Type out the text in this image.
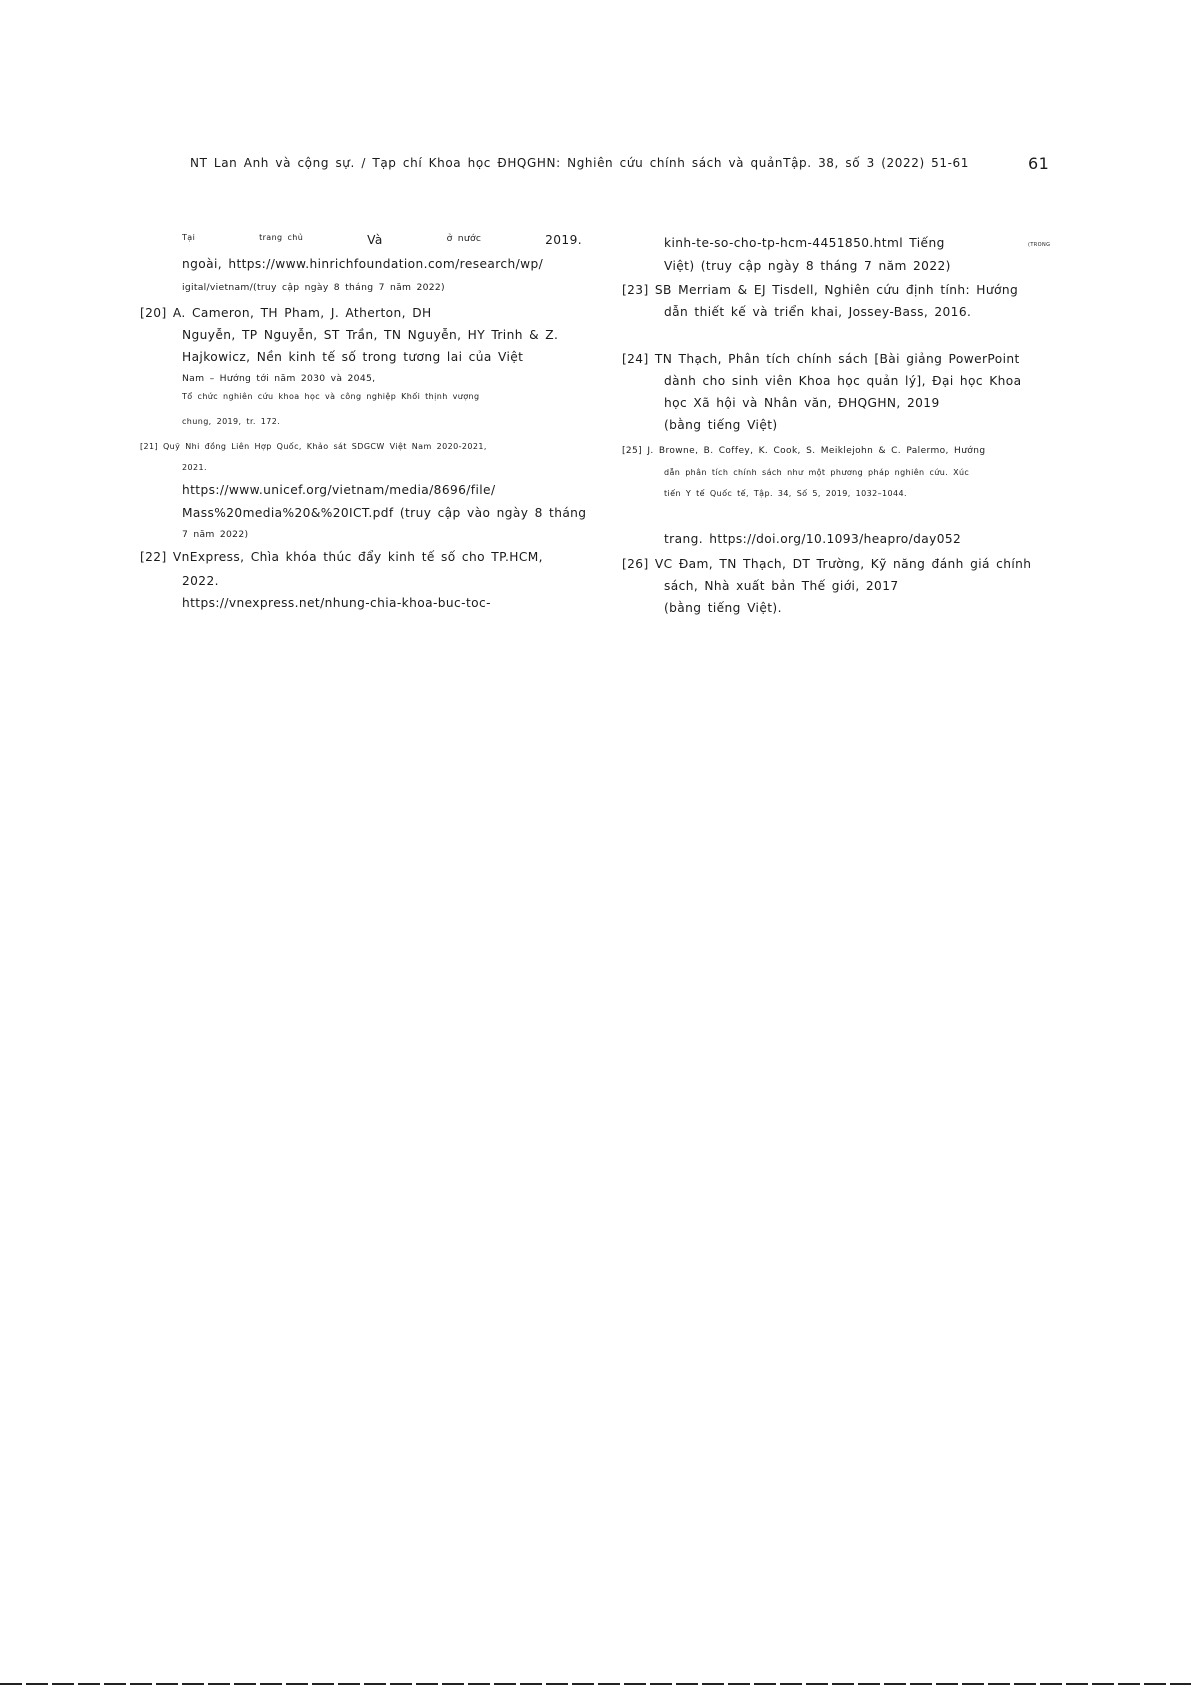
NT Lan Anh và cộng sự. / Tạp chí Khoa học ĐHQGHN: Nghiên cứu chính sách và quảnTập. 38, số 3 (2022) 51-61	61
Tại	trang chủ	Và	ở nước	2019.
ngoài, https://www.hinrichfoundation.com/research/wp/
igital/vietnam/(truy cập ngày 8 tháng 7 năm 2022)
[20] A. Cameron, TH Pham, J. Atherton, DH
Nguyễn, TP Nguyễn, ST Trần, TN Nguyễn, HY Trinh & Z.
Hajkowicz, Nền kinh tế số trong tương lai của Việt
Nam – Hướng tới năm 2030 và 2045,
Tổ chức nghiên cứu khoa học và công nghiệp Khối thịnh vượng
chung, 2019, tr. 172.
[21] Quỹ Nhi đồng Liên Hợp Quốc, Khảo sát SDGCW Việt Nam 2020-2021,
2021.
https://www.unicef.org/vietnam/media/8696/file/
Mass%20media%20&%20ICT.pdf (truy cập vào ngày 8 tháng
7 năm 2022)
[22] VnExpress, Chìa khóa thúc đẩy kinh tế số cho TP.HCM,
2022.
https://vnexpress.net/nhung-chia-khoa-buc-toc-
kinh-te-so-cho-tp-hcm-4451850.html Tiếng	(TRONG
Việt) (truy cập ngày 8 tháng 7 năm 2022)
[23] SB Merriam & EJ Tisdell, Nghiên cứu định tính: Hướng
dẫn thiết kế và triển khai, Jossey-Bass, 2016.
[24] TN Thạch, Phân tích chính sách [Bài giảng PowerPoint
dành cho sinh viên Khoa học quản lý], Đại học Khoa
học Xã hội và Nhân văn, ĐHQGHN, 2019
(bằng tiếng Việt)
[25] J. Browne, B. Coffey, K. Cook, S. Meiklejohn & C. Palermo, Hướng
dẫn phân tích chính sách như một phương pháp nghiên cứu. Xúc
tiến Y tế Quốc tế, Tập. 34, Số 5, 2019, 1032–1044.
trang. https://doi.org/10.1093/heapro/day052
[26] VC Đam, TN Thạch, DT Trường, Kỹ năng đánh giá chính
sách, Nhà xuất bản Thế giới, 2017
(bằng tiếng Việt).
